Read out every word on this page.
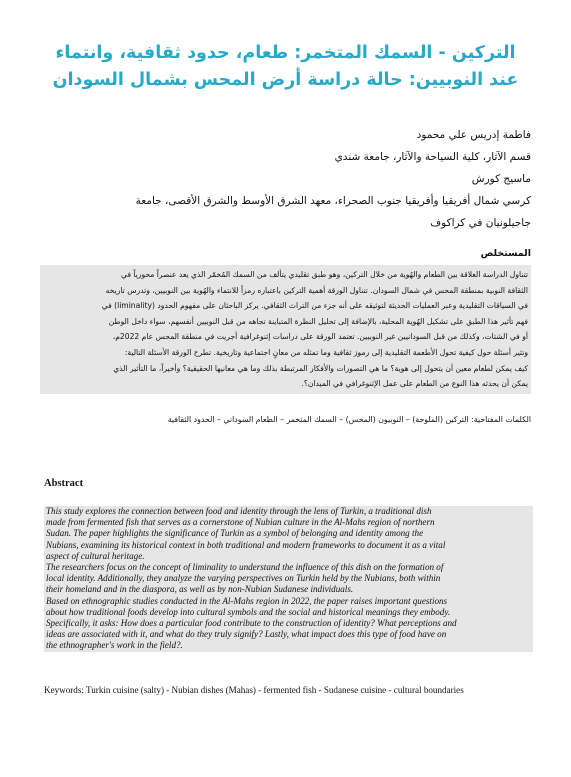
التركين - السمك المتخمر: طعام، حدود ثقافية، وانتماء
عند النوبيين: حالة دراسة أرض المحس بشمال السودان
فاطمة إدريس علي محمود
قسم الآثار، كلية السياحة والآثار، جامعة شندي
ماسيج كورش
كرسي شمال أفريقيا وأفريقيا جنوب الصحراء، معهد الشرق الأوسط والشرق الأقصى، جامعة
جاجيلونيان في كراكوف
المستخلص
تتناول الدراسة العلاقة بين الطعام والهُوية من خلال التركين، وهو طبق تقليدي يتألف من السمك المُخمّر الذي يعد عنصراً محورياً في
الثقافة النوبية بمنطقة المحس في شمال السودان. تتناول الورقة أهمية التركين باعتباره رمزاً للانتماء والهُوية بين النوبيين، وتدرس تاريخه
في السياقات التقليدية وعبر العمليات الحديثة لتوثيقه على أنه جزء من التراث الثقافي. يركز الباحثان على مفهوم الحدود (liminality) في
فهم تأثير هذا الطبق على تشكيل الهُوية المحلية، بالإضافة إلى تحليل النظرة المتباينة تجاهه من قبل النوبيين أنفسهم، سواء داخل الوطن
أو في الشتات، وكذلك من قبل السودانيين غير النوبيين. تعتمد الورقة على دراسات إثنوغرافية أجريت في منطقة المحس عام 2022م،
وتثير أسئلة حول كيفية تحول الأطعمة التقليدية إلى رموز ثقافية وما تمثله من معانٍ اجتماعية وتاريخية. تطرح الورقة الأسئلة التالية:
كيف يمكن لطعام معين أن يتحول إلى هوية؟ ما هي التصورات والأفكار المرتبطة بذلك وما هي معانيها الحقيقية؟ وأخيراً، ما التأثير الذي
يمكن أن يحدثه هذا النوع من الطعام على عمل الإثنوغرافي في الميدان؟.
الكلمات المفتاحية: التركين (الملوحة) – النوبيون (المحس) – السمك المتخمر – الطعام السوداني – الحدود الثقافية
Abstract
This study explores the connection between food and identity through the lens of Turkin, a traditional dish
made from fermented fish that serves as a cornerstone of Nubian culture in the Al-Mahs region of northern
Sudan. The paper highlights the significance of Turkin as a symbol of belonging and identity among the
Nubians, examining its historical context in both traditional and modern frameworks to document it as a vital
aspect of cultural heritage.
The researchers focus on the concept of liminality to understand the influence of this dish on the formation of
local identity. Additionally, they analyze the varying perspectives on Turkin held by the Nubians, both within
their homeland and in the diaspora, as well as by non-Nubian Sudanese individuals.
Based on ethnographic studies conducted in the Al-Mahs region in 2022, the paper raises important questions
about how traditional foods develop into cultural symbols and the social and historical meanings they embody.
Specifically, it asks: How does a particular food contribute to the construction of identity? What perceptions and
ideas are associated with it, and what do they truly signify? Lastly, what impact does this type of food have on
the ethnographer's work in the field?.
Keywords: Turkin cuisine (salty) - Nubian dishes (Mahas) - fermented fish - Sudanese cuisine - cultural boundaries
